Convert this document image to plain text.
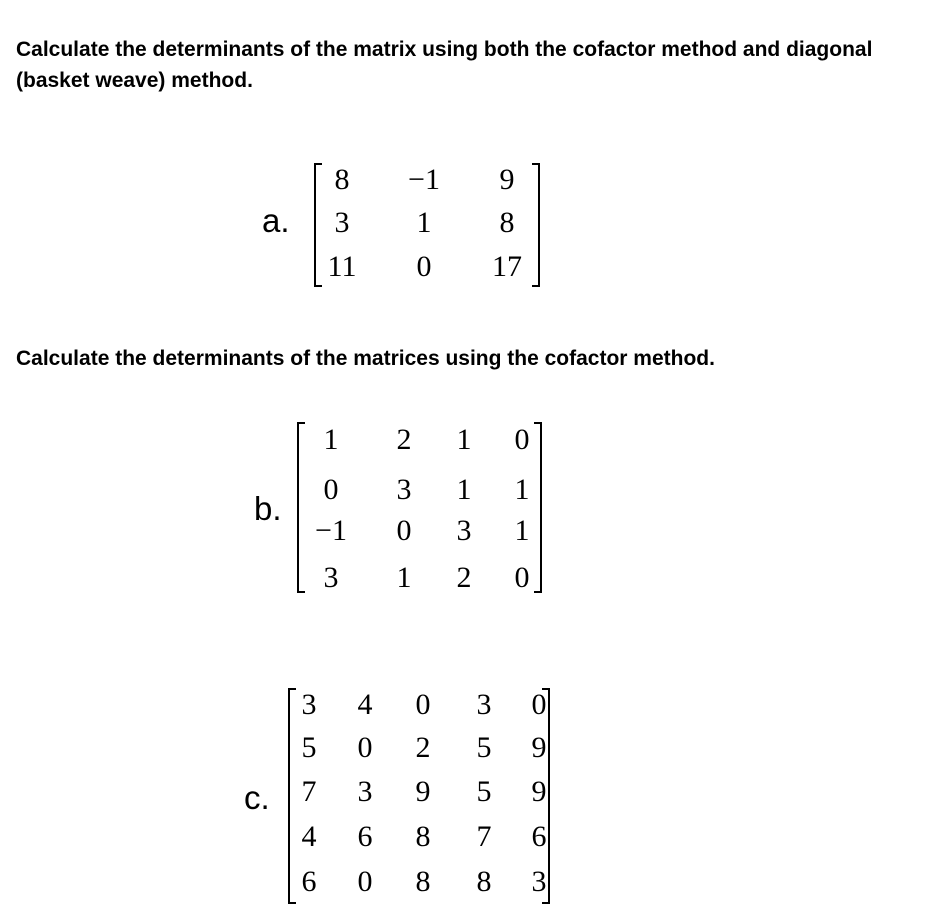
Calculate the determinants of the matrix using both the cofactor method and diagonal (basket weave) method.

a.
8 −1 9
3 1 8
11 0 17

Calculate the determinants of the matrices using the cofactor method.

b.
1 2 1 0
0 3 1 1
−1 0 3 1
3 1 2 0
c.
3 4 0 3 0
5 0 2 5 9
7 3 9 5 9
4 6 8 7 6
6 0 8 8 3
